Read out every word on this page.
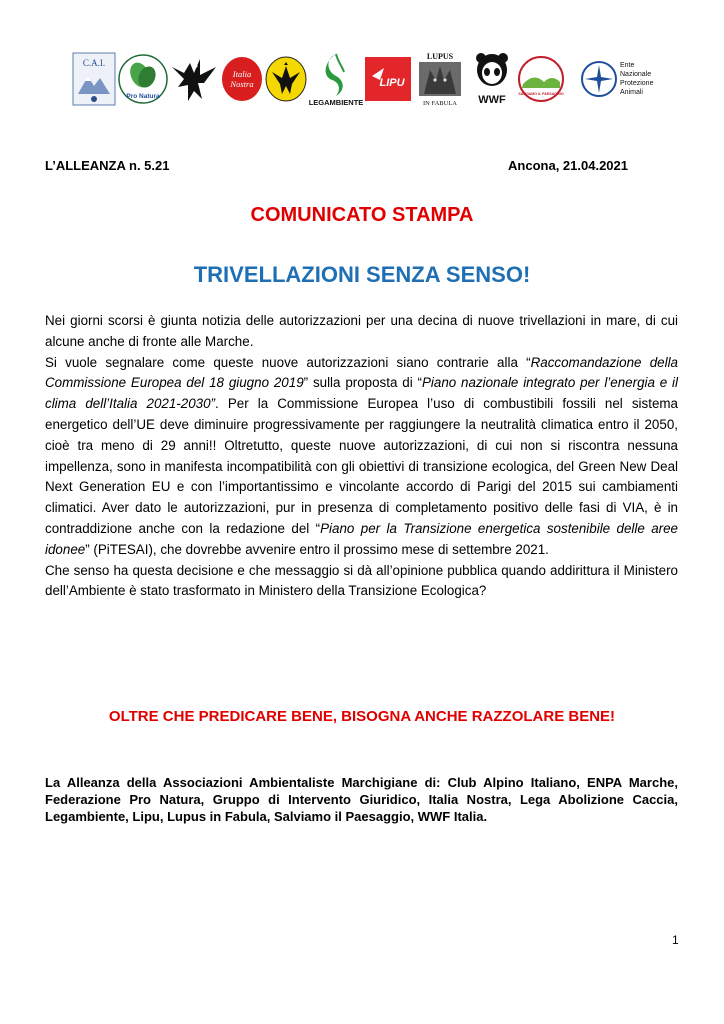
C.A.I.
Pro Natura
Italia
Nostra
LEGAMBIENTE
LIPU
LUPUS
IN FABULA WWF	SALVIAMO IL PAESAGGIO
Ente
Nazionale
Protezione
Animali
L’ALLEANZA n. 5.21	Ancona, 21.04.2021
COMUNICATO STAMPA
TRIVELLAZIONI SENZA SENSO!

Nei giorni scorsi è giunta notizia delle autorizzazioni per una decina di nuove trivellazioni in mare, di cui alcune anche di fronte alle Marche.

Si vuole segnalare come queste nuove autorizzazioni siano contrarie alla “Raccomandazione della Commissione Europea del 18 giugno 2019” sulla proposta di “Piano nazionale integrato per l’energia e il clima dell’Italia 2021-2030”. Per la Commissione Europea l’uso di combustibili fossili nel sistema energetico dell’UE deve diminuire progressivamente per raggiungere la neutralità climatica entro il 2050, cioè tra meno di 29 anni!! Oltretutto, queste nuove autorizzazioni, di cui non si riscontra nessuna impellenza, sono in manifesta incompatibilità con gli obiettivi di transizione ecologica, del Green New Deal Next Generation EU e con l’importantissimo e vincolante accordo di Parigi del 2015 sui cambiamenti climatici. Aver dato le autorizzazioni, pur in presenza di completamento positivo delle fasi di VIA, è in contraddizione anche con la redazione del “Piano per la Transizione energetica sostenibile delle aree idonee” (PiTESAI), che dovrebbe avvenire entro il prossimo mese di settembre 2021.

Che senso ha questa decisione e che messaggio si dà all’opinione pubblica quando addirittura il Ministero dell’Ambiente è stato trasformato in Ministero della Transizione Ecologica?

OLTRE CHE PREDICARE BENE, BISOGNA ANCHE RAZZOLARE BENE!
La Alleanza della Associazioni Ambientaliste Marchigiane di: Club Alpino Italiano, ENPA Marche, Federazione Pro Natura, Gruppo di Intervento Giuridico, Italia Nostra, Lega Abolizione Caccia, Legambiente, Lipu, Lupus in Fabula, Salviamo il Paesaggio, WWF Italia.
1
